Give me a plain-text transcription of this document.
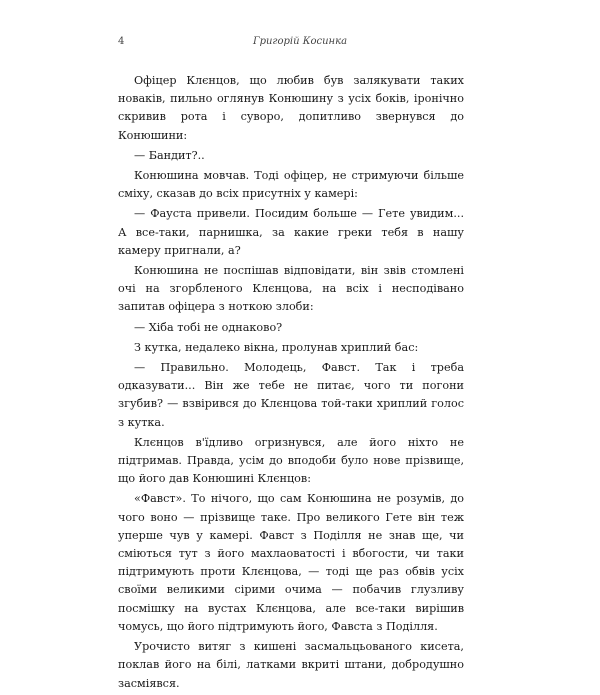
4	Григорій Косинка

Офіцер Клєнцов, що любив був залякувати таких новаків, пильно оглянув Конюшину з усіх боків, іронічно скривив рота і суворо, допитливо звернувся до Конюшини:

— Бандит?..

Конюшина мовчав. Тоді офіцер, не стримуючи більше сміху, сказав до всіх присутніх у камері:

— Фауста привели. Посидим больше — Гете увидим... А все-таки, парнишка, за какие греки тебя в нашу камеру пригнали, а?

Конюшина не поспішав відповідати, він звів стомлені очі на згорбленого Клєнцова, на всіх і несподівано запитав офіцера з ноткою злоби:

— Хіба тобі не однаково?

З кутка, недалеко вікна, пролунав хриплий бас:

— Правильно. Молодець, Фавст. Так і треба одказувати... Він же тебе не питає, чого ти погони згубив? — взвірився до Клєнцова той-таки хриплий голос з кутка.

Клєнцов в'їдливо огризнувся, але його ніхто не підтримав. Правда, усім до вподоби було нове прізвище, що його дав Конюшині Клєнцов:

«Фавст». То нічого, що сам Конюшина не розумів, до чого воно — прізвище таке. Про великого Гете він теж уперше чув у камері. Фавст з Поділля не знав ще, чи сміються тут з його махлаоватості і вбогости, чи таки підтримують проти Клєнцова, — тоді ще раз обвів усіх своїми великими сірими очима — побачив глузливу посмішку на вустах Клєнцова, але все-таки вирішив чомусь, що його підтримують його, Фавста з Поділля.

Урочисто витяг з кишені засмальцьованого кисета, поклав його на білі, латками вкриті штани, добродушно засміявся.
